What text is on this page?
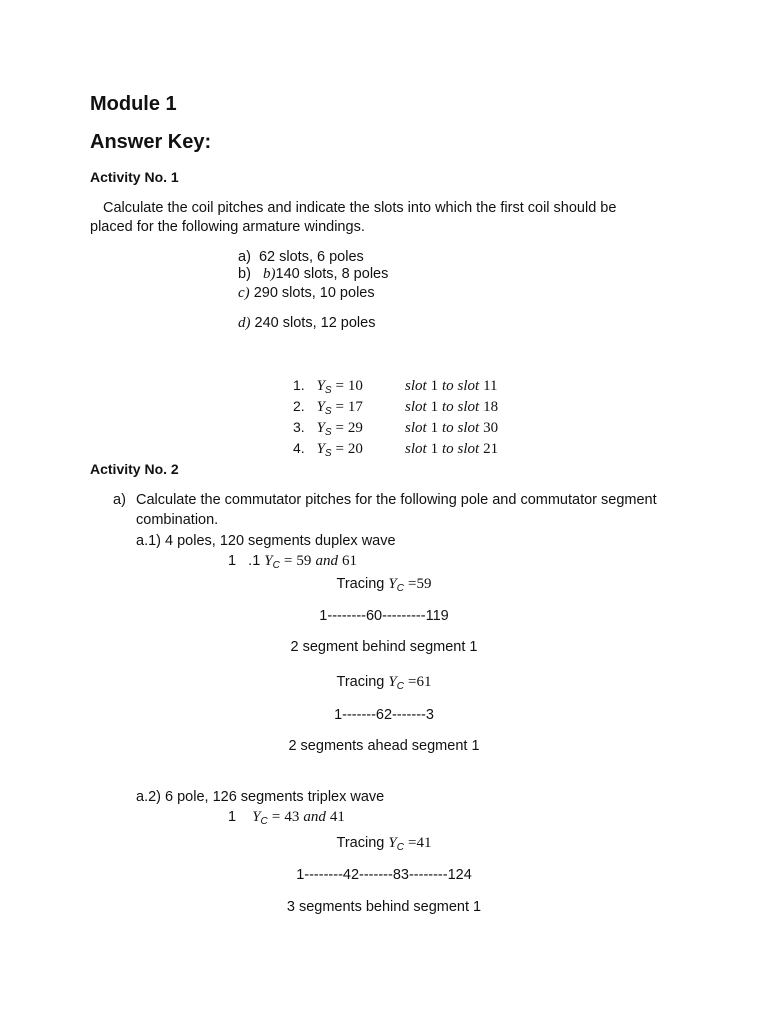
Module 1
Answer Key:
Activity No. 1
Calculate the coil pitches and indicate the slots into which the first coil should be
placed for the following armature windings.
a) 62 slots, 6 poles
b) b)140 slots, 8 poles
c) 290 slots, 10 poles
d) 240 slots, 12 poles
1. $Y_S = 10$	slot 1 to slot 11
2. $Y_S = 17$	slot 1 to slot 18
3. $Y_S = 29$	slot 1 to slot 30
4. $Y_S = 20$	slot 1 to slot 21
Activity No. 2
a) Calculate the commutator pitches for the following pole and commutator segment
combination.
a.1) 4 poles, 120 segments duplex wave
1 .1 $Y_C = 59$ and 61
Tracing $Y_C =59$
1--------60---------119
2 segment behind segment 1
Tracing $Y_C =61$
1-------62-------3
2 segments ahead segment 1
a.2) 6 pole, 126 segments triplex wave
1 $Y_C = 43$ and 41
Tracing $Y_C =41$
1--------42-------83--------124
3 segments behind segment 1
